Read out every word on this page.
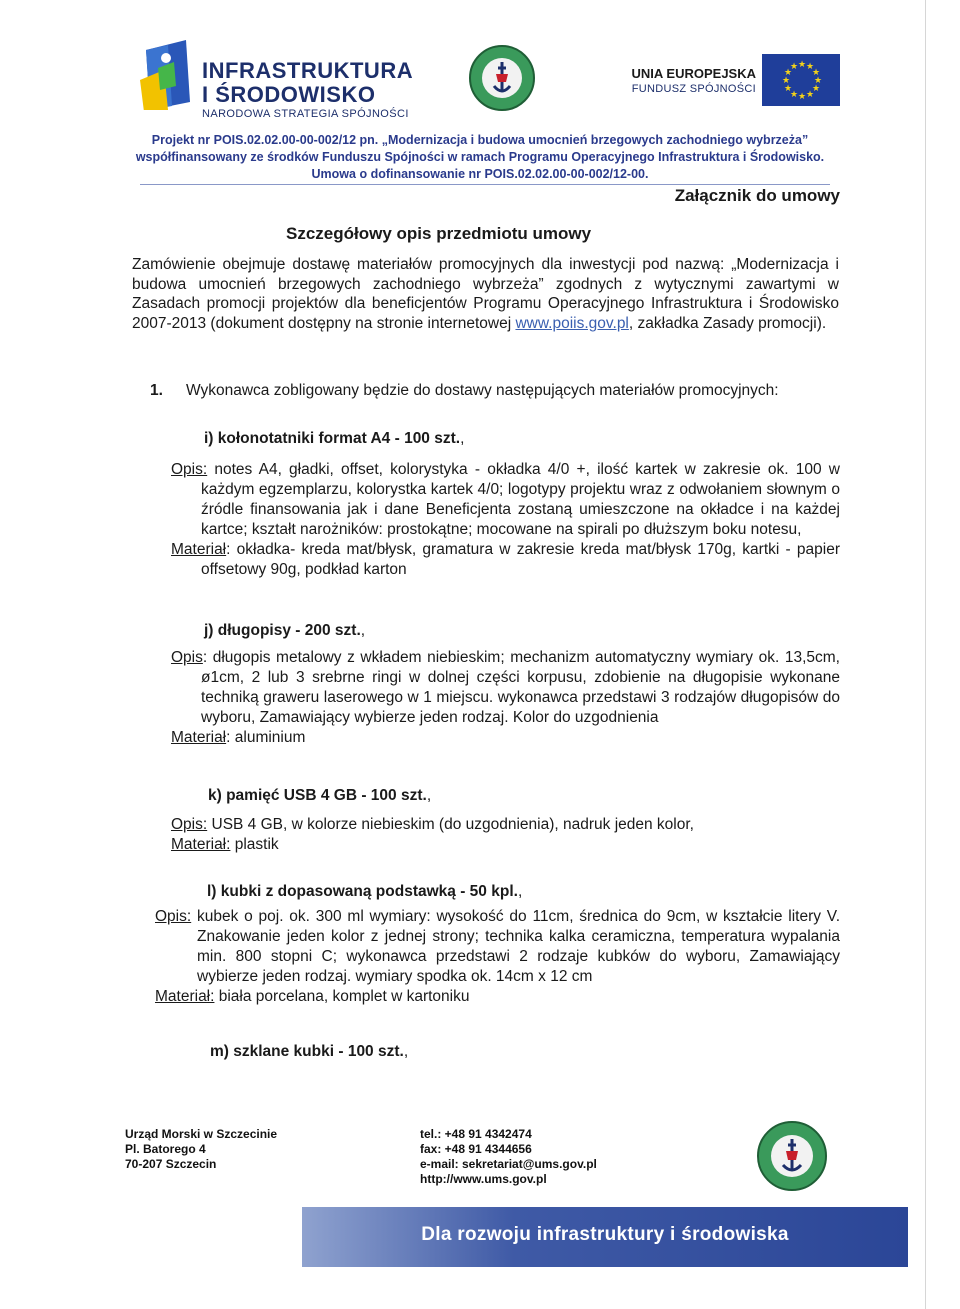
INFRASTRUKTURA
I ŚRODOWISKO
NARODOWA STRATEGIA SPÓJNOŚCI
UNIA EUROPEJSKA
FUNDUSZ SPÓJNOŚCI
★ ★
★
★
★
★
★
★
★
★
★
★
Projekt nr POIS.02.02.00-00-002/12 pn. „Modernizacja i budowa umocnień brzegowych zachodniego wybrzeża”
współfinansowany ze środków Funduszu Spójności w ramach Programu Operacyjnego Infrastruktura i Środowisko.
Umowa o dofinansowanie nr POIS.02.02.00-00-002/12-00.
Załącznik do umowy
Szczegółowy opis przedmiotu umowy
Zamówienie obejmuje dostawę materiałów promocyjnych dla inwestycji pod nazwą: „Modernizacja i budowa umocnień brzegowych zachodniego wybrzeża” zgodnych z wytycznymi zawartymi w Zasadach promocji projektów dla beneficjentów Programu Operacyjnego Infrastruktura i Środowisko 2007-2013 (dokument dostępny na stronie internetowej www.poiis.gov.pl, zakładka Zasady promocji).
1. Wykonawca zobligowany będzie do dostawy następujących materiałów promocyjnych:
i) kołonotatniki format A4 - 100 szt.,
Opis: notes A4, gładki, offset, kolorystyka - okładka 4/0 +, ilość kartek w zakresie ok. 100 w każdym egzemplarzu, kolorystka kartek 4/0; logotypy projektu wraz z odwołaniem słownym o źródle finansowania jak i dane Beneficjenta zostaną umieszczone na okładce i na każdej kartce; kształt narożników: prostokątne; mocowane na spirali po dłuższym boku notesu,
Materiał: okładka- kreda mat/błysk, gramatura w zakresie kreda mat/błysk 170g, kartki - papier offsetowy 90g, podkład karton
j) długopisy - 200 szt.,
Opis: długopis metalowy z wkładem niebieskim; mechanizm automatyczny wymiary ok. 13,5cm, ø1cm, 2 lub 3 srebrne ringi w dolnej części korpusu, zdobienie na długopisie wykonane techniką graweru laserowego w 1 miejscu. wykonawca przedstawi 3 rodzajów długopisów do wyboru, Zamawiający wybierze jeden rodzaj. Kolor do uzgodnienia
Materiał: aluminium
k) pamięć USB 4 GB - 100 szt.,
Opis: USB 4 GB, w kolorze niebieskim (do uzgodnienia), nadruk jeden kolor,
Materiał: plastik
l) kubki z dopasowaną podstawką - 50 kpl.,
Opis: kubek o poj. ok. 300 ml wymiary: wysokość do 11cm, średnica do 9cm, w kształcie litery V. Znakowanie jeden kolor z jednej strony; technika kalka ceramiczna, temperatura wypalania min. 800 stopni C; wykonawca przedstawi 2 rodzaje kubków do wyboru, Zamawiający wybierze jeden rodzaj. wymiary spodka ok. 14cm x 12 cm
Materiał: biała porcelana, komplet w kartoniku
m) szklane kubki - 100 szt.,
Urząd Morski w Szczecinie
Pl. Batorego 4
70-207 Szczecin
tel.: +48 91 4342474
fax: +48 91 4344656
e-mail: sekretariat@ums.gov.pl
http://www.ums.gov.pl
Dla rozwoju infrastruktury i środowiska
